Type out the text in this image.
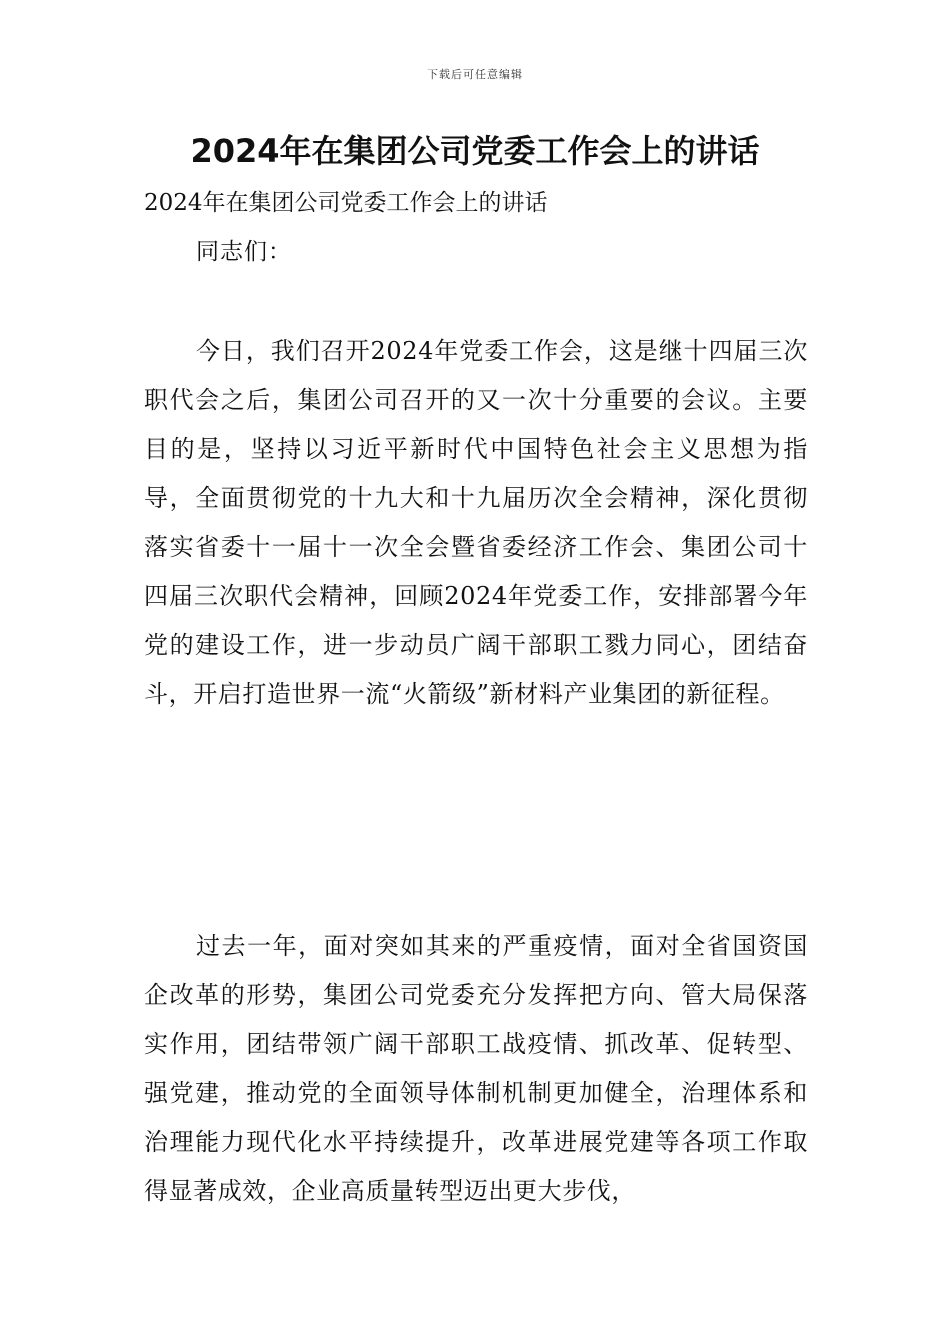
下载后可任意编辑
2024年在集团公司党委工作会上的讲话
2024年在集团公司党委工作会上的讲话
同志们：

今日，我们召开2024年党委工作会，这是继十四届三次职代会之后，集团公司召开的又一次十分重要的会议。主要目的是，坚持以习近平新时代中国特色社会主义思想为指导，全面贯彻党的十九大和十九届历次全会精神，深化贯彻落实省委十一届十一次全会暨省委经济工作会、集团公司十四届三次职代会精神，回顾2024年党委工作，安排部署今年党的建设工作，进一步动员广阔干部职工戮力同心，团结奋斗，开启打造世界一流“火箭级”新材料产业集团的新征程。

过去一年，面对突如其来的严重疫情，面对全省国资国企改革的形势，集团公司党委充分发挥把方向、管大局保落实作用，团结带领广阔干部职工战疫情、抓改革、促转型、强党建，推动党的全面领导体制机制更加健全，治理体系和治理能力现代化水平持续提升，改革进展党建等各项工作取得显著成效，企业高质量转型迈出更大步伐，
